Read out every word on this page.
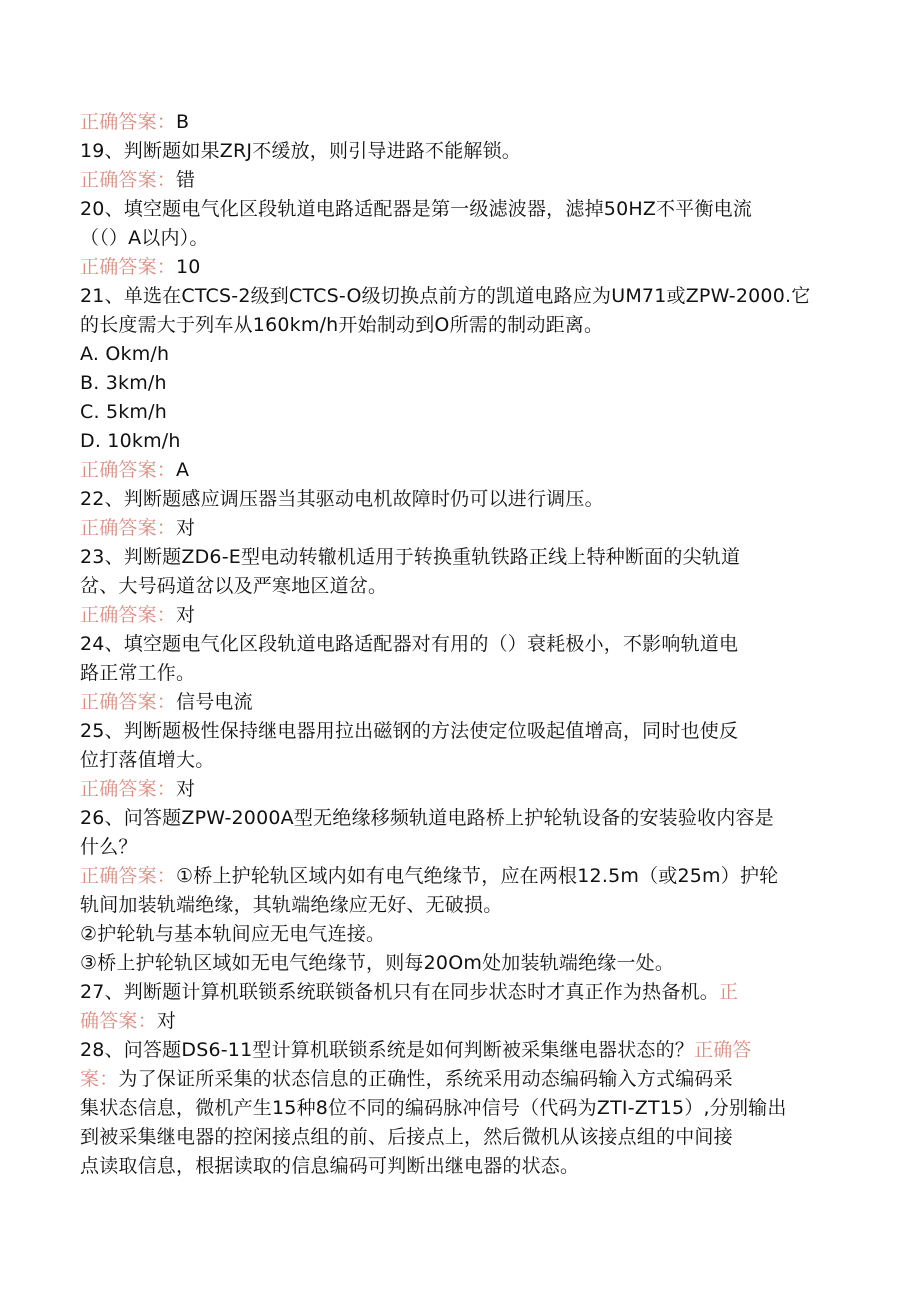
正确答案：B
19、判断题如果ZRJ不缓放，则引导进路不能解锁。
正确答案：错
20、填空题电气化区段轨道电路适配器是第一级滤波器，滤掉50HZ不平衡电流
（（）A以内）。
正确答案：10
21、单选在CTCS-2级到CTCS-O级切换点前方的凯道电路应为UM71或ZPW-2000.它
的长度需大于列车从160km∕h开始制动到O所需的制动距离。
A. Okm/h
B. 3km∕h
C. 5km∕h
D. 10km∕h
正确答案：A
22、判断题感应调压器当其驱动电机故障时仍可以进行调压。
正确答案：对
23、判断题ZD6-E型电动转辙机适用于转换重轨铁路正线上特种断面的尖轨道
岔、大号码道岔以及严寒地区道岔。
正确答案：对
24、填空题电气化区段轨道电路适配器对有用的（）衰耗极小，不影响轨道电
路正常工作。
正确答案：信号电流
25、判断题极性保持继电器用拉出磁钢的方法使定位吸起值增高，同时也使反
位打落值增大。
正确答案：对
26、问答题ZPW-2000A型无绝缘移频轨道电路桥上护轮轨设备的安装验收内容是
什么？
正确答案：①桥上护轮轨区域内如有电气绝缘节，应在两根12.5m（或25m）护轮
轨间加装轨端绝缘，其轨端绝缘应无好、无破损。
②护轮轨与基本轨间应无电气连接。
③桥上护轮轨区域如无电气绝缘节，则每20Om处加装轨端绝缘一处。
27、判断题计算机联锁系统联锁备机只有在同步状态时才真正作为热备机。正
确答案：对
28、问答题DS6-11型计算机联锁系统是如何判断被采集继电器状态的？正确答
案：为了保证所采集的状态信息的正确性，系统采用动态编码输入方式编码采
集状态信息，微机产生15种8位不同的编码脉冲信号（代码为ZTI-ZT15）,分别输出
到被采集继电器的控闲接点组的前、后接点上，然后微机从该接点组的中间接
点读取信息，根据读取的信息编码可判断出继电器的状态。
